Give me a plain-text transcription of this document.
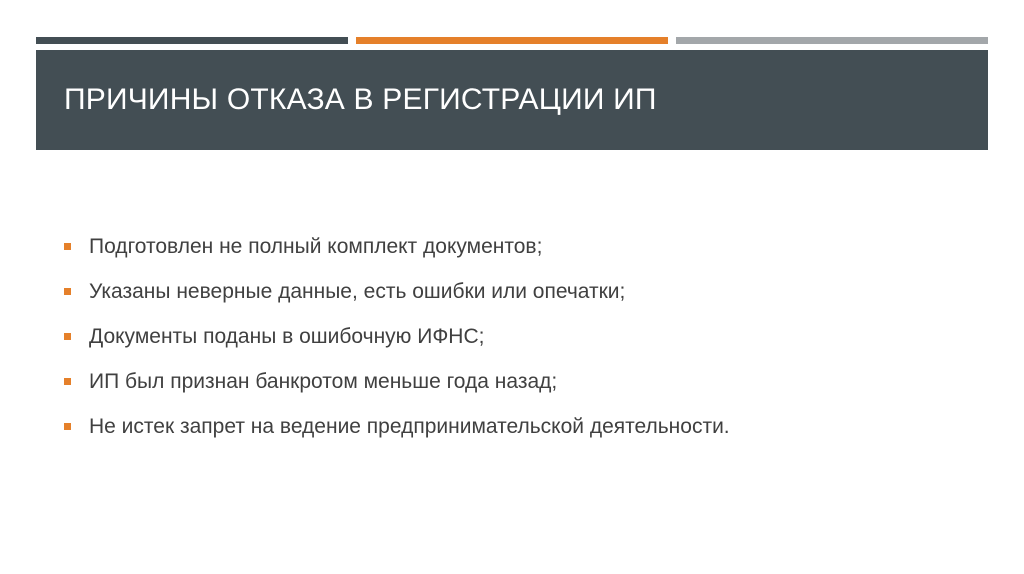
ПРИЧИНЫ ОТКАЗА В РЕГИСТРАЦИИ ИП
Подготовлен не полный комплект документов;
Указаны неверные данные, есть ошибки или опечатки;
Документы поданы в ошибочную ИФНС;
ИП был признан банкротом меньше года назад;
Не истек запрет на ведение предпринимательской деятельности.
